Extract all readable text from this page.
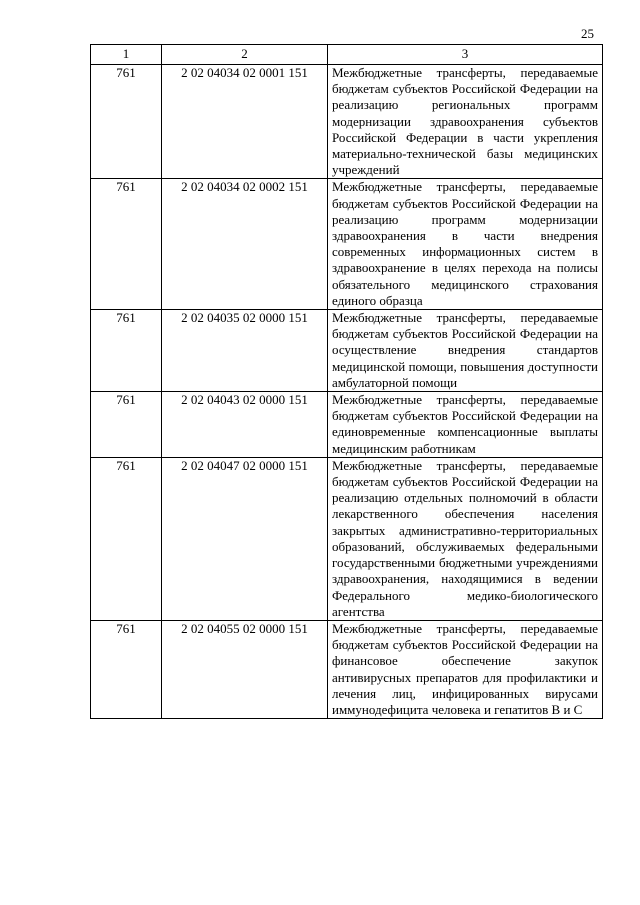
25
1	2	3
761	2 02 04034 02 0001 151	Межбюджетные трансферты, передаваемые бюджетам субъектов Российской Федерации на реализацию региональных программ модернизации здравоохранения субъектов Российской Федерации в части укрепления материально-технической базы медицинских учреждений
761	2 02 04034 02 0002 151	Межбюджетные трансферты, передаваемые бюджетам субъектов Российской Федерации на реализацию программ модернизации здравоохранения в части внедрения современных информационных систем в здравоохранение в целях перехода на полисы обязательного медицинского страхования единого образца
761	2 02 04035 02 0000 151	Межбюджетные трансферты, передаваемые бюджетам субъектов Российской Федерации на осуществление внедрения стандартов медицинской помощи, повышения доступности амбулаторной помощи
761	2 02 04043 02 0000 151	Межбюджетные трансферты, передаваемые бюджетам субъектов Российской Федерации на единовременные компенсационные выплаты медицинским работникам
761	2 02 04047 02 0000 151	Межбюджетные трансферты, передаваемые бюджетам субъектов Российской Федерации на реализацию отдельных полномочий в области лекарственного обеспечения населения закрытых административно-территориальных образований, обслуживаемых федеральными государственными бюджетными учреждениями здравоохранения, находящимися в ведении Федерального медико-биологического агентства
761	2 02 04055 02 0000 151	Межбюджетные трансферты, передаваемые бюджетам субъектов Российской Федерации на финансовое обеспечение закупок антивирусных препаратов для профилактики и лечения лиц, инфицированных вирусами иммунодефицита человека и гепатитов B и C
